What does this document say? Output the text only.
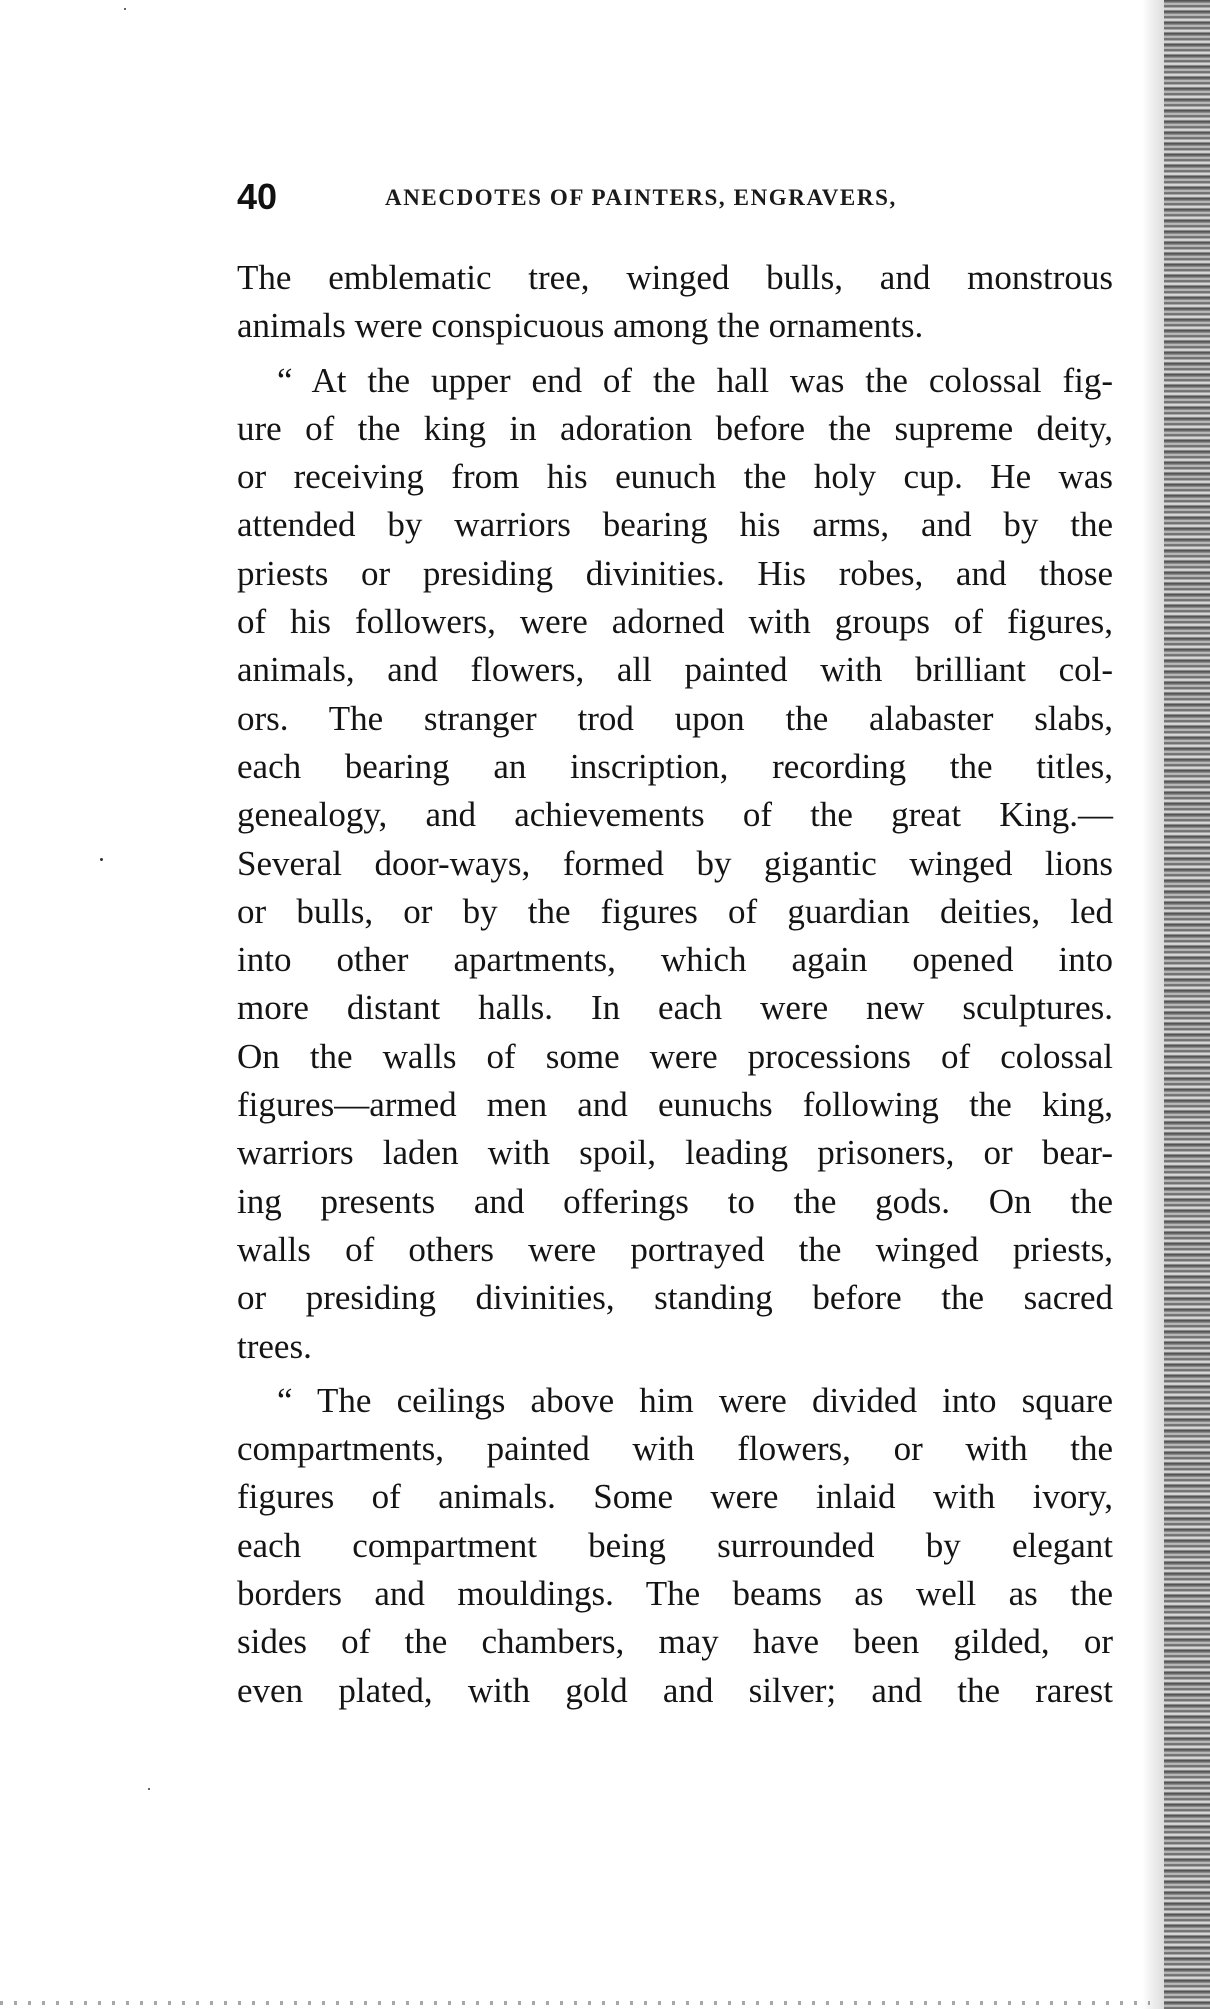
40	ANECDOTES OF PAINTERS, ENGRAVERS,
The emblematic tree, winged bulls, and monstrous
animals were conspicuous among the ornaments.
“ At the upper end of the hall was the colossal fig-
ure of the king in adoration before the supreme deity,
or receiving from his eunuch the holy cup. He was
attended by warriors bearing his arms, and by the
priests or presiding divinities. His robes, and those
of his followers, were adorned with groups of figures,
animals, and flowers, all painted with brilliant col-
ors. The stranger trod upon the alabaster slabs,
each bearing an inscription, recording the titles,
genealogy, and achievements of the great King.—
Several door-ways, formed by gigantic winged lions
or bulls, or by the figures of guardian deities, led
into other apartments, which again opened into
more distant halls. In each were new sculptures.
On the walls of some were processions of colossal
figures—armed men and eunuchs following the king,
warriors laden with spoil, leading prisoners, or bear-
ing presents and offerings to the gods. On the
walls of others were portrayed the winged priests,
or presiding divinities, standing before the sacred
trees.
“ The ceilings above him were divided into square
compartments, painted with flowers, or with the
figures of animals. Some were inlaid with ivory,
each compartment being surrounded by elegant
borders and mouldings. The beams as well as the
sides of the chambers, may have been gilded, or
even plated, with gold and silver; and the rarest
